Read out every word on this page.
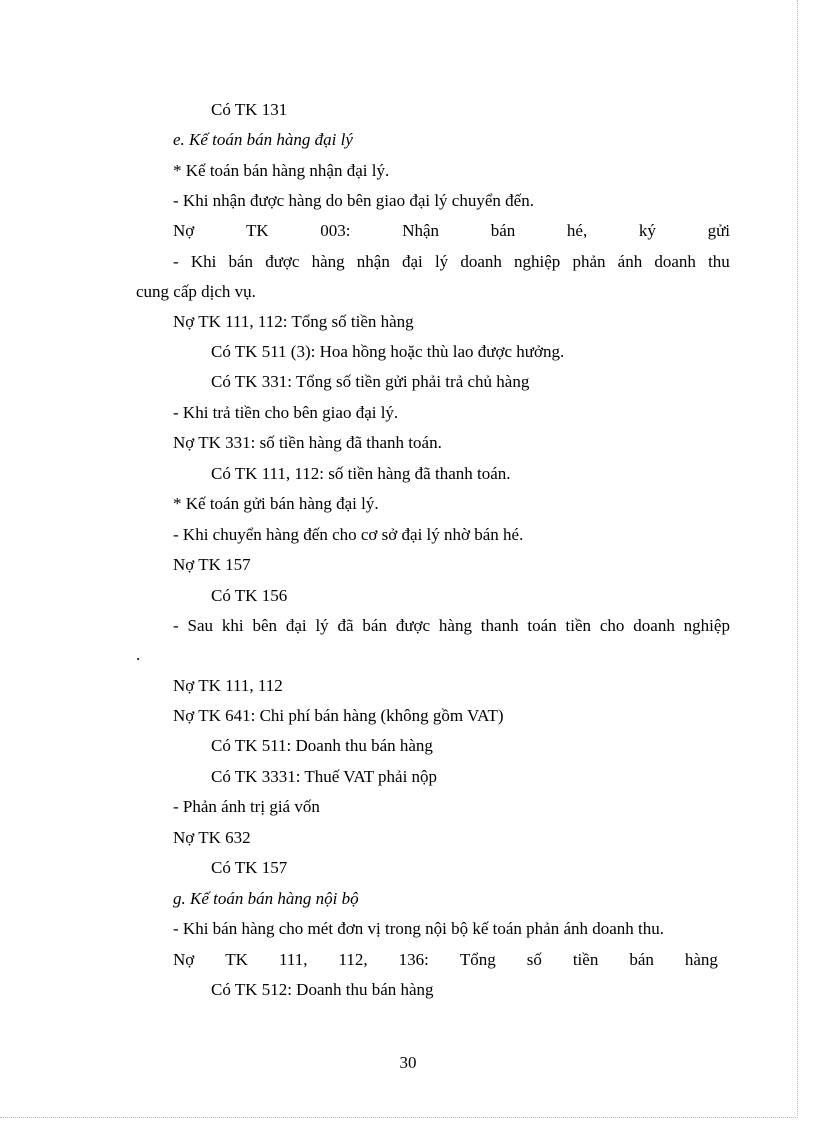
Có TK 131
e. Kế toán bán hàng đại lý
* Kế toán bán hàng nhận đại lý.
- Khi nhận được hàng do bên giao đại lý chuyển đến.
Nợ	TK	003:	Nhận	bán	hé,	ký	gửi
- Khi bán được hàng nhận đại lý doanh nghiệp phản ánh doanh thu
cung cấp dịch vụ.
Nợ TK 111, 112: Tổng số tiền hàng
Có TK 511 (3): Hoa hồng hoặc thù lao được hưởng.
Có TK 331: Tổng số tiền gửi phải trả chủ hàng
- Khi trả tiền cho bên giao đại lý.
Nợ TK 331: số tiền hàng đã thanh toán.
Có TK 111, 112: số tiền hàng đã thanh toán.
* Kế toán gửi bán hàng đại lý.
- Khi chuyển hàng đến cho cơ sở đại lý nhờ bán hé.
Nợ TK 157
Có TK 156
- Sau khi bên đại lý đã bán được hàng thanh toán tiền cho doanh nghiệp
.
Nợ TK 111, 112
Nợ TK 641: Chi phí bán hàng (không gồm VAT)
Có TK 511: Doanh thu bán hàng
Có TK 3331: Thuế VAT phải nộp
- Phản ánh trị giá vốn
Nợ TK 632
Có TK 157
g. Kế toán bán hàng nội bộ
- Khi bán hàng cho mét đơn vị trong nội bộ kế toán phản ánh doanh thu.
Nợ TK 111, 112, 136: Tổng số tiền bán hàng
Có TK 512: Doanh thu bán hàng
30
